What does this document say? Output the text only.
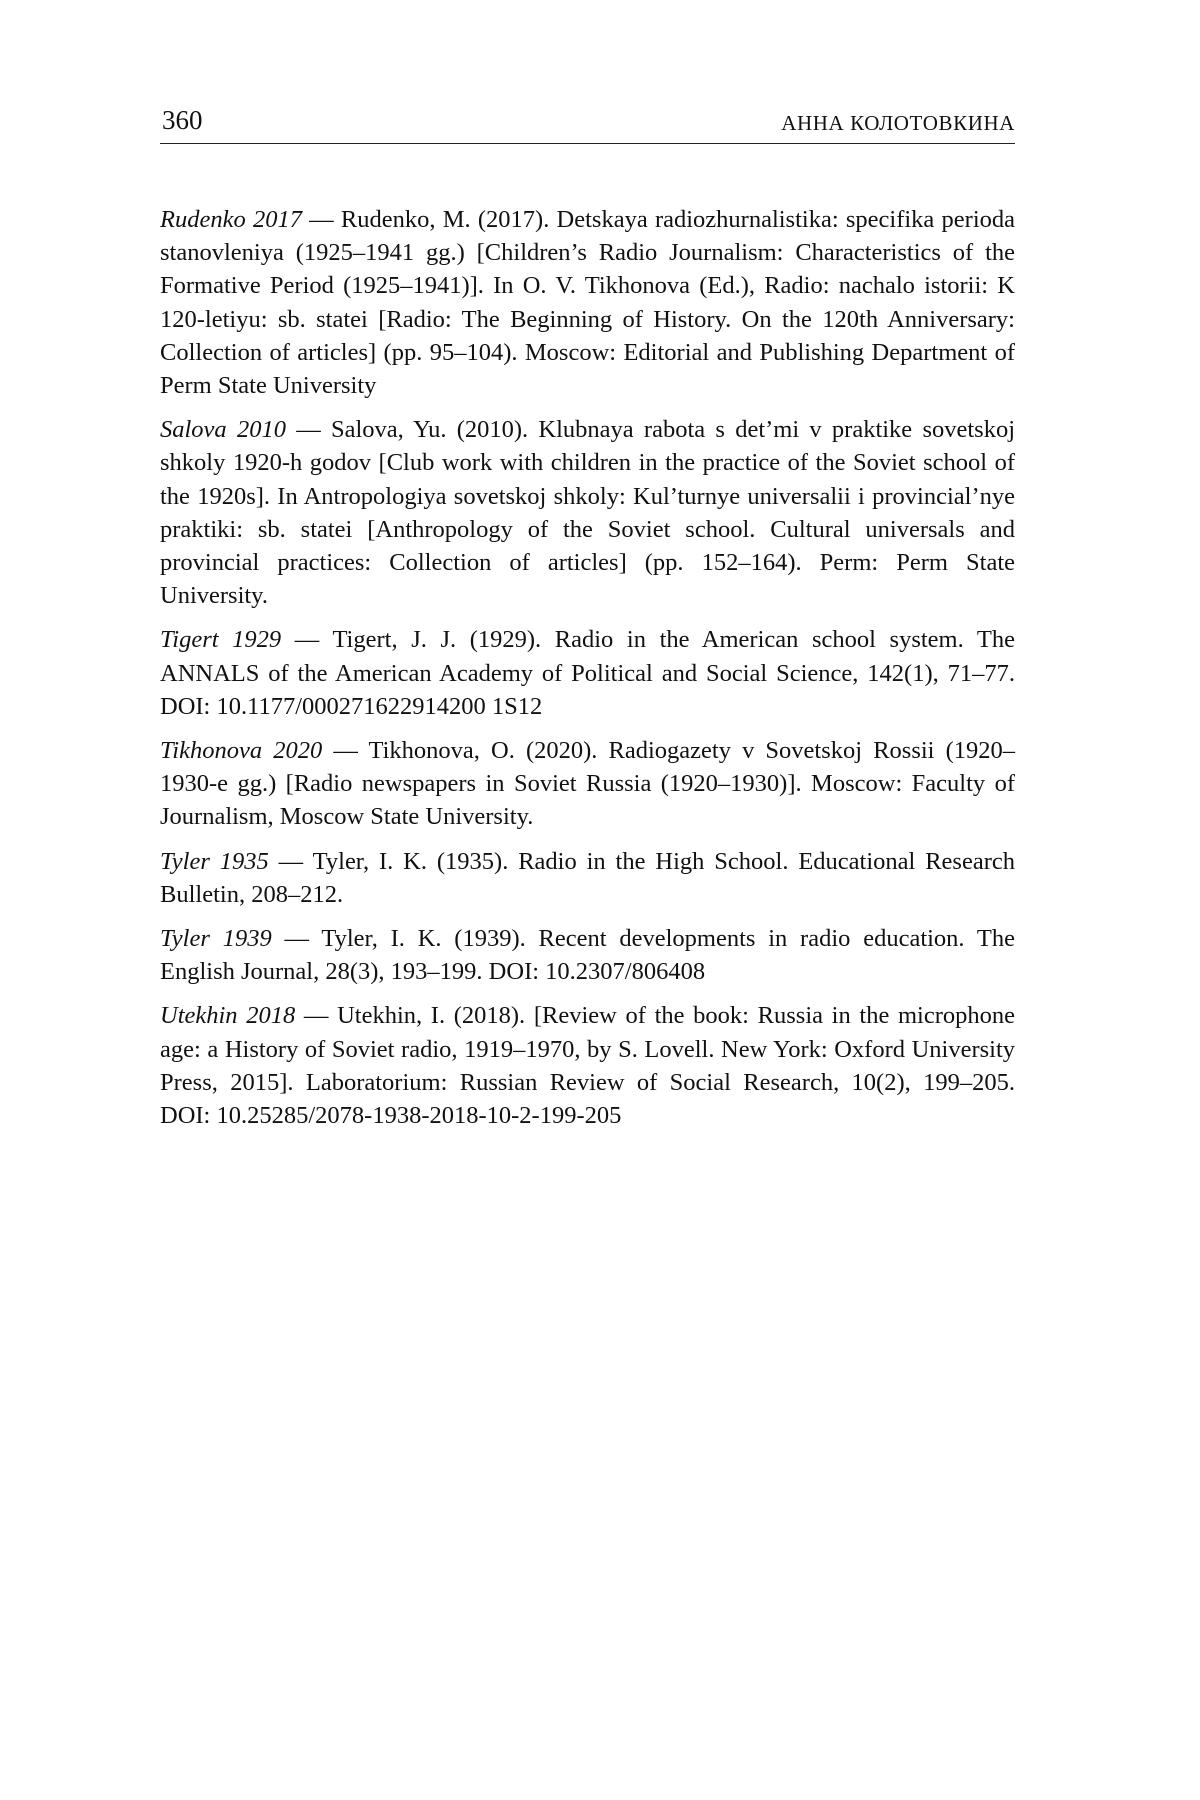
360	АННА КОЛОТОВКИНА
Rudenko 2017 — Rudenko, M. (2017). Detskaya radiozhurnalistika: specifika perioda stanovleniya (1925–1941 gg.) [Children’s Radio Journalism: Characteristics of the Formative Period (1925–1941)]. In O. V. Tikhonova (Ed.), Radio: nachalo istorii: K 120-letiyu: sb. statei [Radio: The Beginning of History. On the 120th Anniversary: Collection of articles] (pp. 95–104). Moscow: Editorial and Publishing Department of Perm State University
Salova 2010 — Salova, Yu. (2010). Klubnaya rabota s det’mi v praktike sovetskoj shkoly 1920-h godov [Club work with children in the practice of the Soviet school of the 1920s]. In Antropologiya sovetskoj shkoly: Kul’turnye universalii i provincial’nye praktiki: sb. statei [Anthropology of the Soviet school. Cultural universals and provincial practices: Collection of articles] (pp. 152–164). Perm: Perm State University.
Tigert 1929 — Tigert, J. J. (1929). Radio in the American school system. The ANNALS of the American Academy of Political and Social Science, 142(1), 71–77. DOI: 10.1177/000271622914200 1S12
Tikhonova 2020 — Tikhonova, O. (2020). Radiogazety v Sovetskoj Rossii (1920–1930-e gg.) [Radio newspapers in Soviet Russia (1920–1930)]. Moscow: Faculty of Journalism, Moscow State University.
Tyler 1935 — Tyler, I. K. (1935). Radio in the High School. Educational Research Bulletin, 208–212.
Tyler 1939 — Tyler, I. K. (1939). Recent developments in radio education. The English Journal, 28(3), 193–199. DOI: 10.2307/806408
Utekhin 2018 — Utekhin, I. (2018). [Review of the book: Russia in the microphone age: a History of Soviet radio, 1919–1970, by S. Lovell. New York: Oxford University Press, 2015]. Laboratorium: Russian Review of Social Research, 10(2), 199–205. DOI: 10.25285/2078-1938-2018-10-2-199-205
